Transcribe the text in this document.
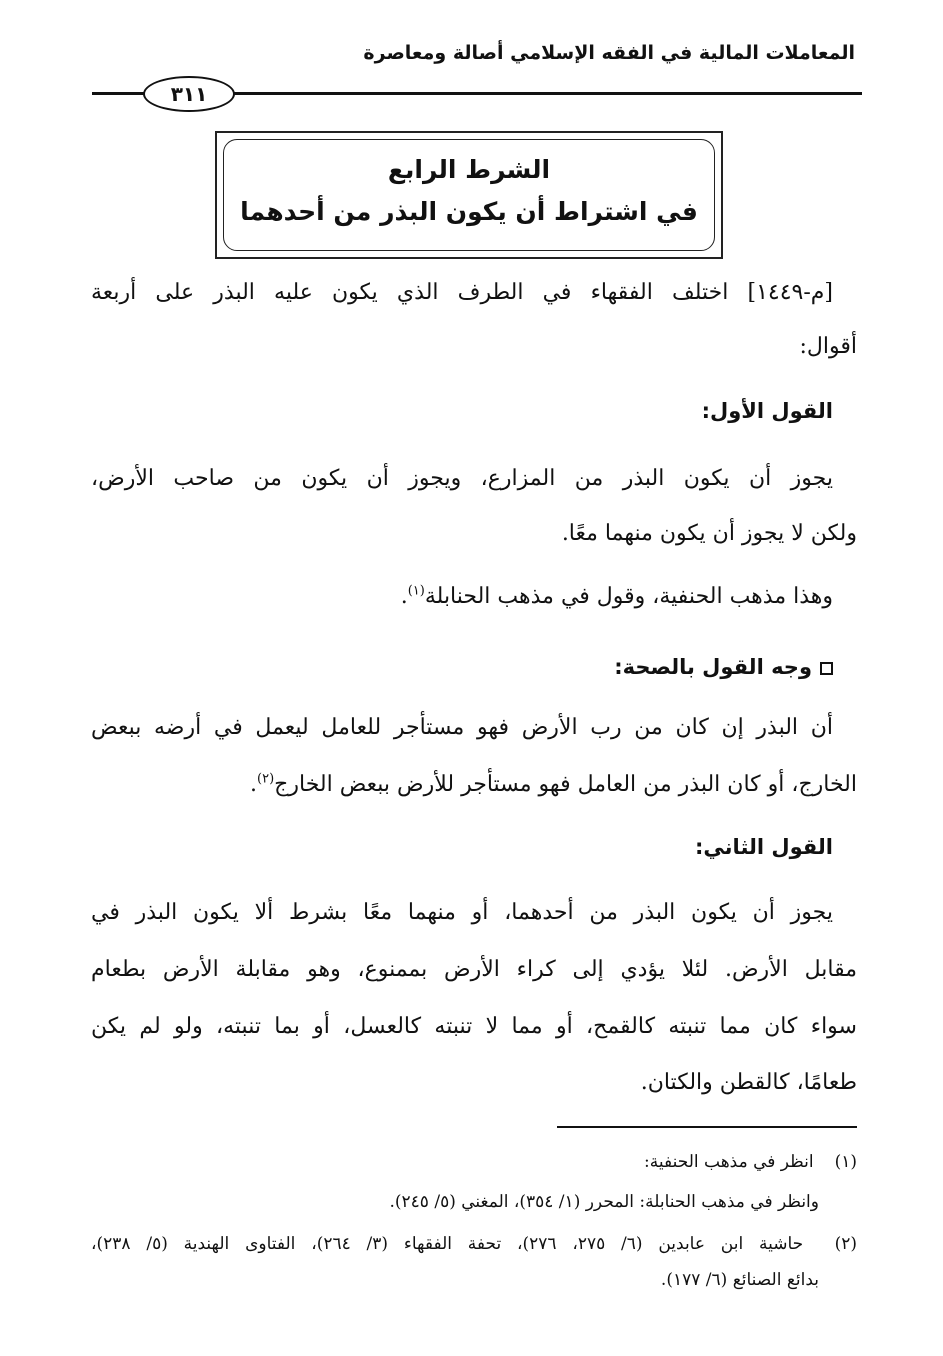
المعاملات المالية في الفقه الإسلامي أصالة ومعاصرة
٣١١
الشرط الرابع
في اشتراط أن يكون البذر من أحدهما
[م-١٤٤٩] اختلف الفقهاء في الطرف الذي يكون عليه البذر على أربعة
أقوال:
القول الأول:
يجوز أن يكون البذر من المزارع، ويجوز أن يكون من صاحب الأرض،
ولكن لا يجوز أن يكون منهما معًا.
وهذا مذهب الحنفية، وقول في مذهب الحنابلة$^{(١)}$.
وجه القول بالصحة:
أن البذر إن كان من رب الأرض فهو مستأجر للعامل ليعمل في أرضه ببعض
الخارج، أو كان البذر من العامل فهو مستأجر للأرض ببعض الخارج$^{(٢)}$.
القول الثاني:
يجوز أن يكون البذر من أحدهما، أو منهما معًا بشرط ألا يكون البذر في
مقابل الأرض. لئلا يؤدي إلى كراء الأرض بممنوع، وهو مقابلة الأرض بطعام
سواء كان مما تنبته كالقمح، أو مما لا تنبته كالعسل، أو بما تنبته، ولو لم يكن
طعامًا، كالقطن والكتان.
(١) انظر في مذهب الحنفية:
وانظر في مذهب الحنابلة: المحرر (١/ ٣٥٤)، المغني (٥/ ٢٤٥).
(٢) حاشية ابن عابدين (٦/ ٢٧٥، ٢٧٦)، تحفة الفقهاء (٣/ ٢٦٤)، الفتاوى الهندية (٥/ ٢٣٨)،
بدائع الصنائع (٦/ ١٧٧).
